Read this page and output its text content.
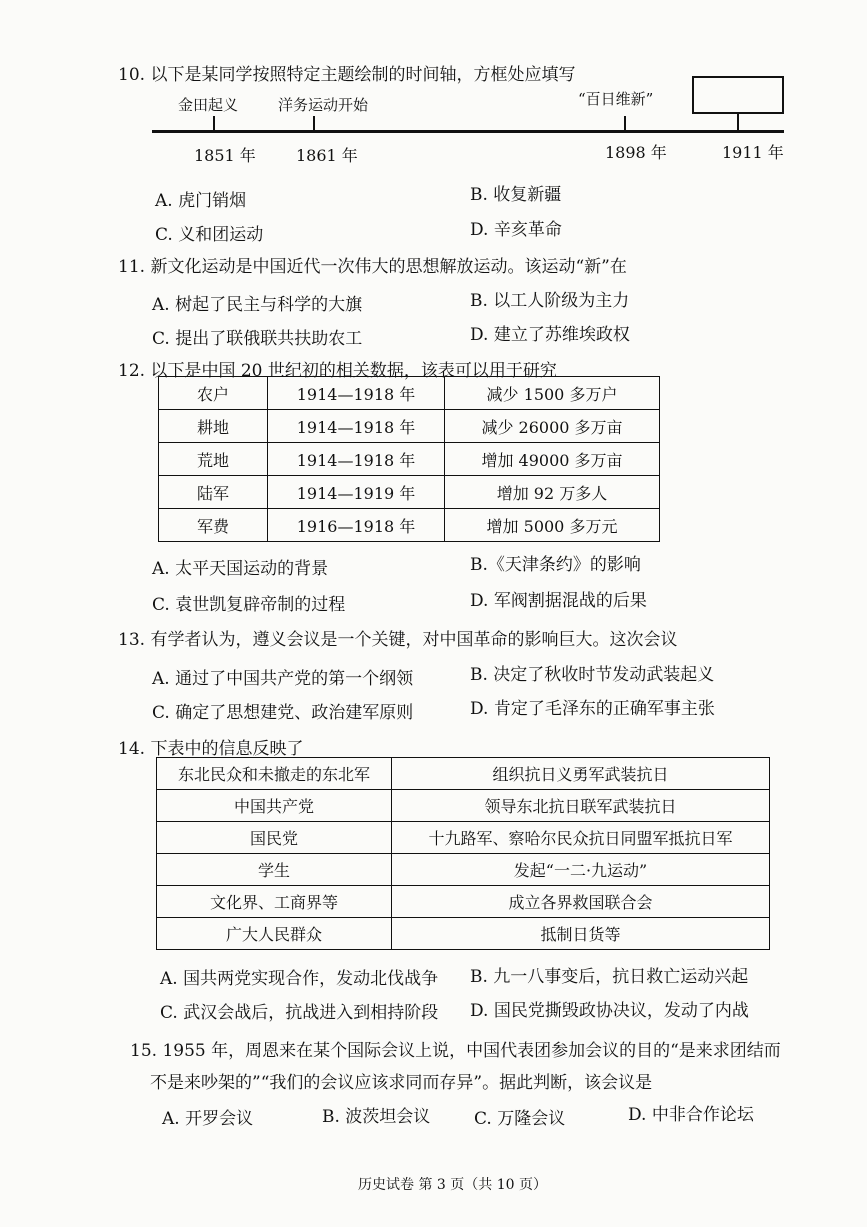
10. 以下是某同学按照特定主题绘制的时间轴，方框处应填写
金田起义	洋务运动开始	“百日维新”
1851 年	1861 年	1898 年	1911 年
A. 虎门销烟	B. 收复新疆
C. 义和团运动	D. 辛亥革命
11. 新文化运动是中国近代一次伟大的思想解放运动。该运动“新”在
A. 树起了民主与科学的大旗	B. 以工人阶级为主力
C. 提出了联俄联共扶助农工	D. 建立了苏维埃政权
12. 以下是中国 20 世纪初的相关数据，该表可以用于研究
农户	1914—1918 年	减少 1500 多万户
耕地	1914—1918 年	减少 26000 多万亩
荒地	1914—1918 年	增加 49000 多万亩
陆军	1914—1919 年	增加 92 万多人
军费	1916—1918 年	增加 5000 多万元
A. 太平天国运动的背景	B.《天津条约》的影响
C. 袁世凯复辟帝制的过程	D. 军阀割据混战的后果
13. 有学者认为，遵义会议是一个关键，对中国革命的影响巨大。这次会议
A. 通过了中国共产党的第一个纲领	B. 决定了秋收时节发动武装起义
C. 确定了思想建党、政治建军原则	D. 肯定了毛泽东的正确军事主张
14. 下表中的信息反映了
东北民众和未撤走的东北军	组织抗日义勇军武装抗日
中国共产党	领导东北抗日联军武装抗日
国民党	十九路军、察哈尔民众抗日同盟军抵抗日军
学生	发起“一二·九运动”
文化界、工商界等	成立各界救国联合会
广大人民群众	抵制日货等
A. 国共两党实现合作，发动北伐战争 B. 九一八事变后，抗日救亡运动兴起
C. 武汉会战后，抗战进入到相持阶段 D. 国民党撕毁政协决议，发动了内战
15. 1955 年，周恩来在某个国际会议上说，中国代表团参加会议的目的“是来求团结而
不是来吵架的”“我们的会议应该求同而存异”。据此判断，该会议是
A. 开罗会议	B. 波茨坦会议	C. 万隆会议	D. 中非合作论坛
历史试卷 第 3 页（共 10 页）
